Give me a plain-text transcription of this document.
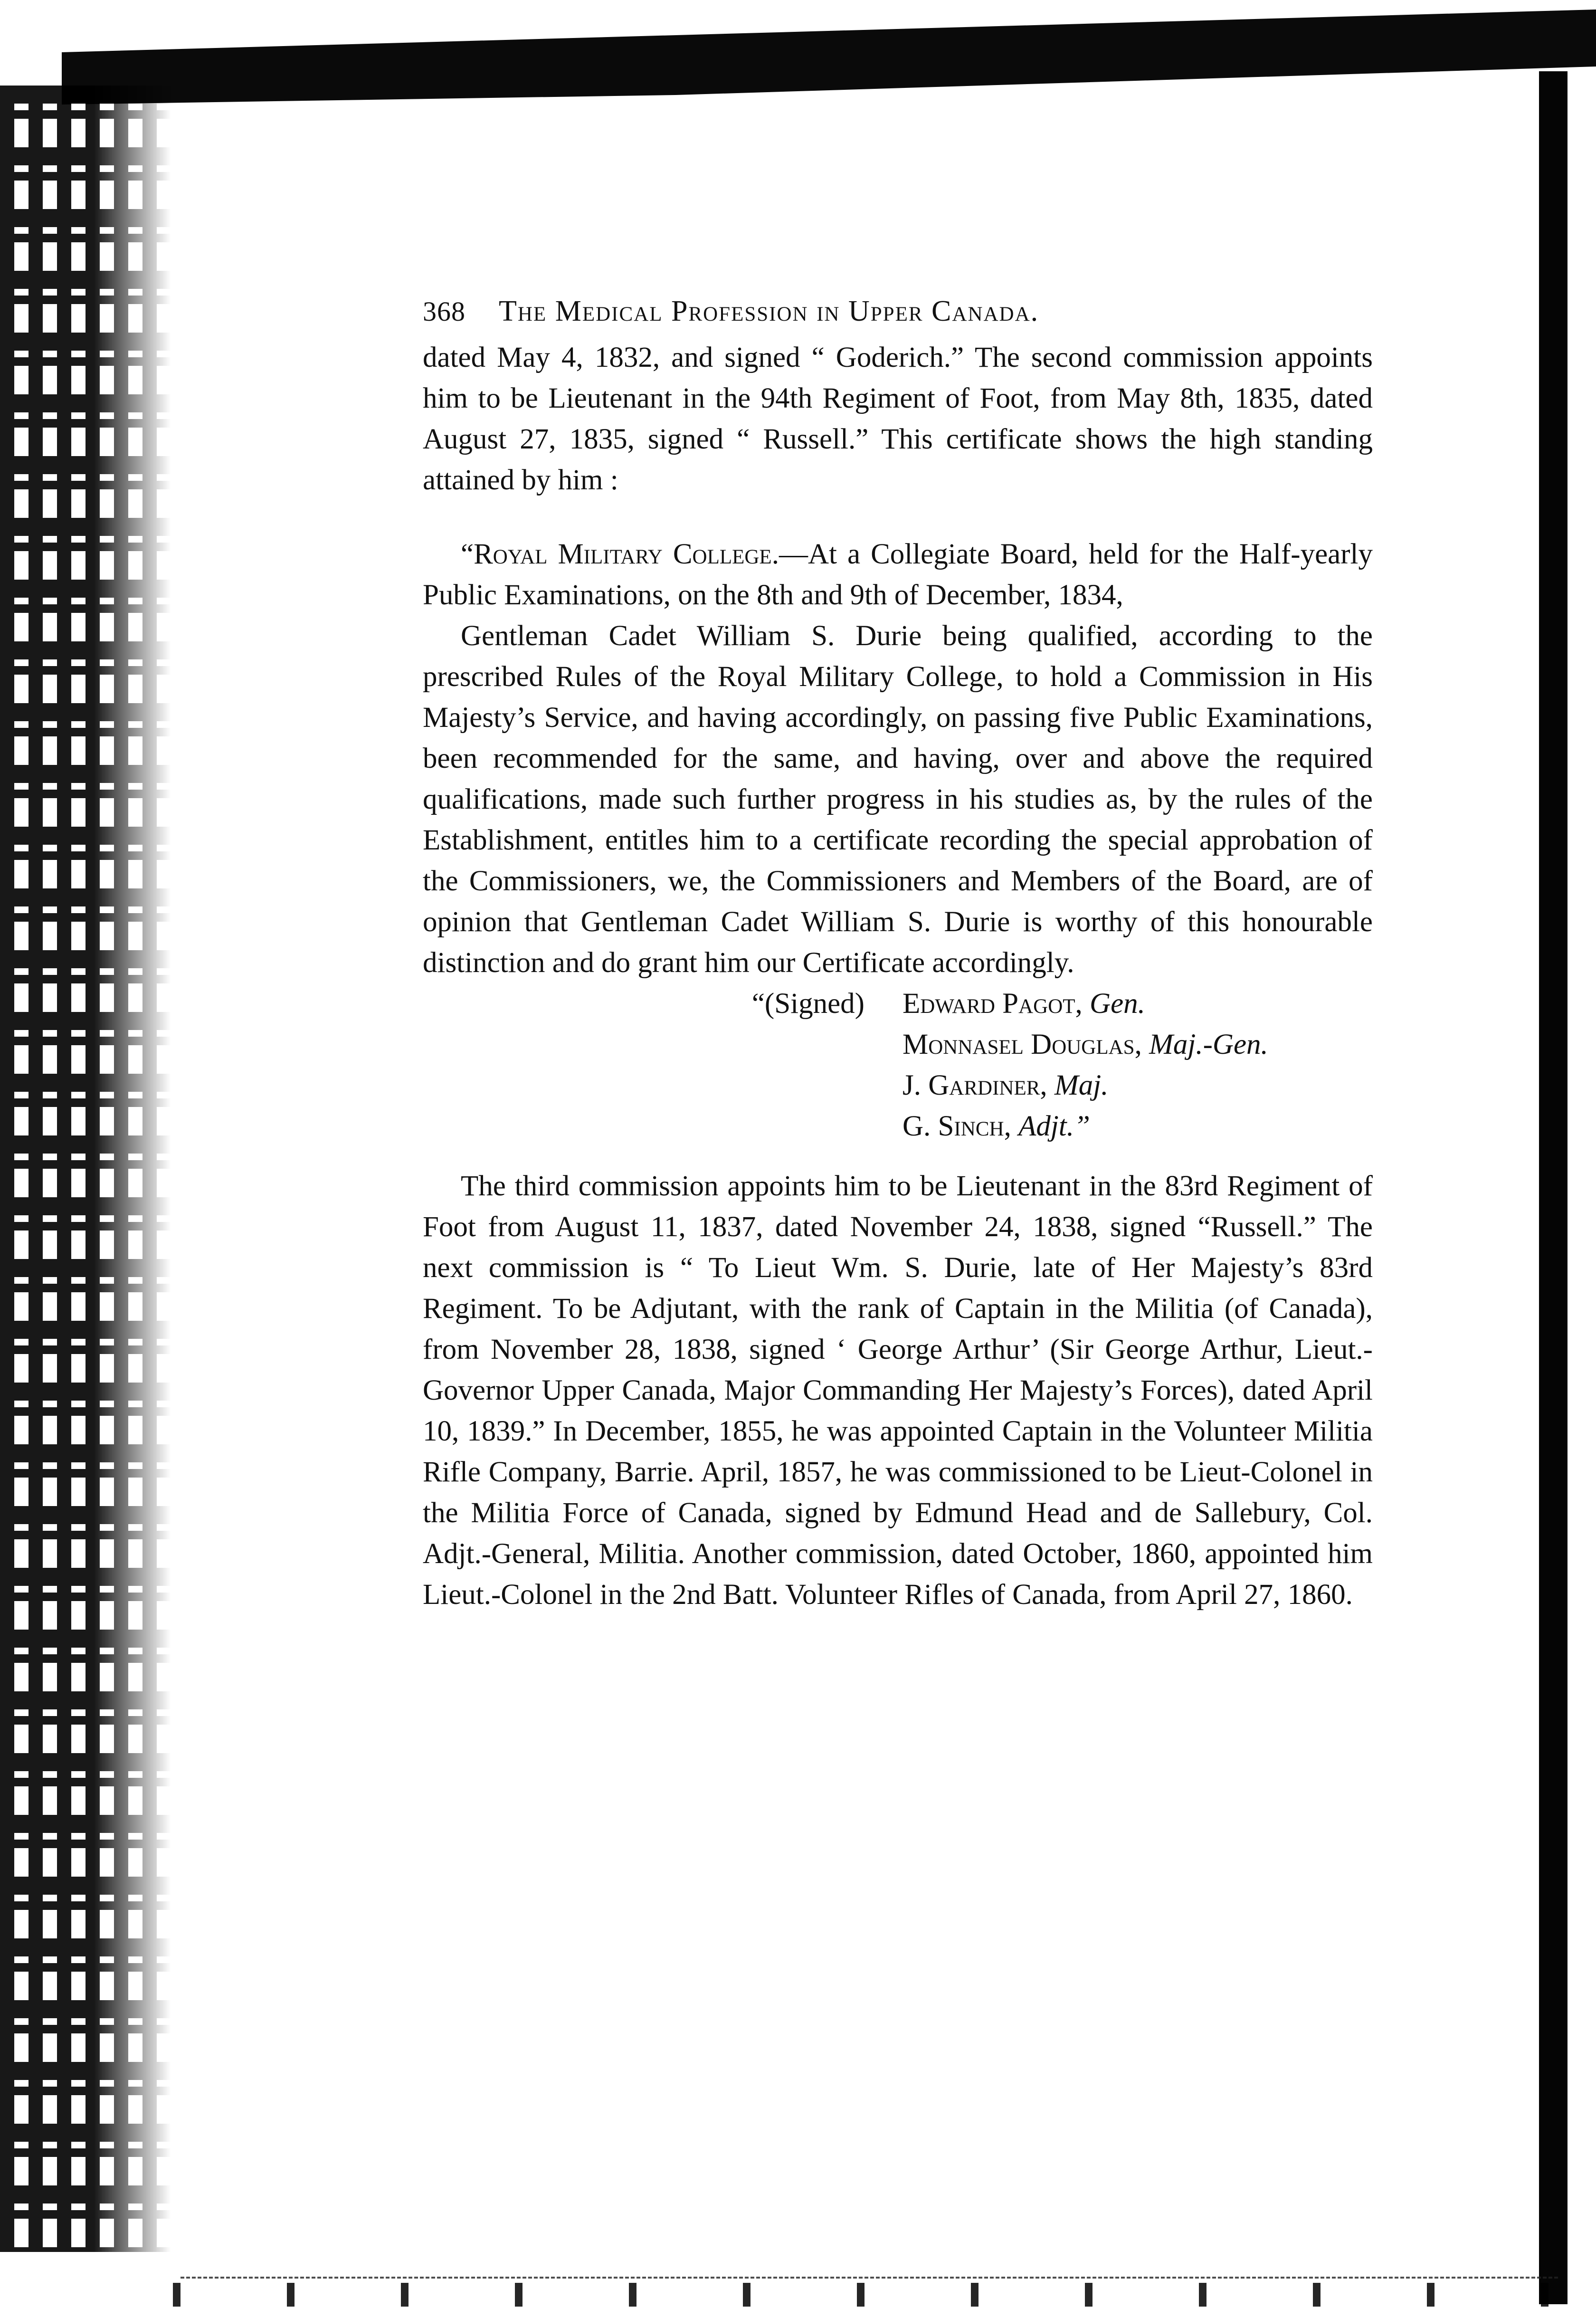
368	The Medical Profession in Upper Canada.

dated May 4, 1832, and signed “ Goderich.” The second commission appoints him to be Lieutenant in the 94th Regiment of Foot, from May 8th, 1835, dated August 27, 1835, signed “ Russell.” This certificate shows the high standing attained by him :

“Royal Military College.—At a Collegiate Board, held for the Half-yearly Public Examinations, on the 8th and 9th of December, 1834,

Gentleman Cadet William S. Durie being qualified, according to the prescribed Rules of the Royal Military College, to hold a Commission in His Majesty’s Service, and having accordingly, on passing five Public Examinations, been recommended for the same, and having, over and above the required qualifications, made such further progress in his studies as, by the rules of the Establishment, entitles him to a certificate recording the special approbation of the Commissioners, we, the Commissioners and Members of the Board, are of opinion that Gentleman Cadet William S. Durie is worthy of this honourable distinction and do grant him our Certificate accordingly.

“(Signed)	Edward Pagot, Gen.
Monnasel Douglas, Maj.-Gen.
J. Gardiner, Maj.
G. Sinch, Adjt.”

The third commission appoints him to be Lieutenant in the 83rd Regiment of Foot from August 11, 1837, dated November 24, 1838, signed “Russell.” The next commission is “ To Lieut Wm. S. Durie, late of Her Majesty’s 83rd Regiment. To be Adjutant, with the rank of Captain in the Militia (of Canada), from November 28, 1838, signed ‘ George Arthur’ (Sir George Arthur, Lieut.-Governor Upper Canada, Major Commanding Her Majesty’s Forces), dated April 10, 1839.” In December, 1855, he was appointed Captain in the Volunteer Militia Rifle Company, Barrie. April, 1857, he was commissioned to be Lieut-Colonel in the Militia Force of Canada, signed by Edmund Head and de Sallebury, Col. Adjt.-General, Militia. Another commission, dated October, 1860, appointed him Lieut.-Colonel in the 2nd Batt. Volunteer Rifles of Canada, from April 27, 1860.
